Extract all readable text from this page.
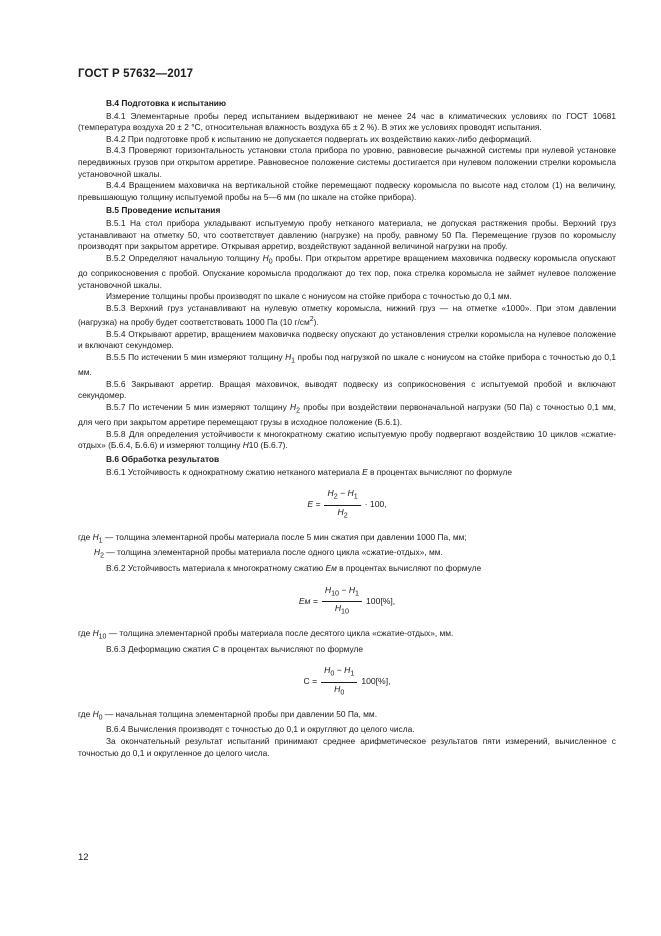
ГОСТ Р 57632—2017

В.4 Подготовка к испытанию

В.4.1 Элементарные пробы перед испытанием выдерживают не менее 24 час в климатических условиях по ГОСТ 10681 (температура воздуха 20 ± 2 °С, относительная влажность воздуха 65 ± 2 %). В этих же условиях проводят испытания.

В.4.2 При подготовке проб к испытанию не допускается подвергать их воздействию каких-либо деформаций.

В.4.3 Проверяют горизонтальность установки стола прибора по уровню, равновесие рычажной системы при нулевой установке передвижных грузов при открытом арретире. Равновесное положение системы достигается при нулевом положении стрелки коромысла установочной шкалы.

В.4.4 Вращением маховичка на вертикальной стойке перемещают подвеску коромысла по высоте над столом (1) на величину, превышающую толщину испытуемой пробы на 5—6 мм (по шкале на стойке прибора).

В.5 Проведение испытания

В.5.1 На стол прибора укладывают испытуемую пробу нетканого материала, не допуская растяжения пробы. Верхний груз устанавливают на отметку 50, что соответствует давлению (нагрузке) на пробу, равному 50 Па. Перемещение грузов по коромыслу производят при закрытом арретире. Открывая арретир, воздействуют заданной величиной нагрузки на пробу.

В.5.2 Определяют начальную толщину $H_0$ пробы. При открытом арретире вращением маховичка подвеску коромысла опускают до соприкосновения с пробой. Опускание коромысла продолжают до тех пор, пока стрелка коромысла не займет нулевое положение установочной шкалы.

Измерение толщины пробы производят по шкале с нониусом на стойке прибора с точностью до 0,1 мм.

В.5.3 Верхний груз устанавливают на нулевую отметку коромысла, нижний груз — на отметке «1000». При этом давлении (нагрузка) на пробу будет соответствовать 1000 Па (10 $г/см^2$).

В.5.4 Открывают арретир, вращением маховичка подвеску опускают до установления стрелки коромысла на нулевое положение и включают секундомер.

В.5.5 По истечении 5 мин измеряют толщину $H_1$ пробы под нагрузкой по шкале с нониусом на стойке прибора с точностью до 0,1 мм.

В.5.6 Закрывают арретир. Вращая маховичок, выводят подвеску из соприкосновения с испытуемой пробой и включают секундомер.

В.5.7 По истечении 5 мин измеряют толщину $H_2$ пробы при воздействии первоначальной нагрузки (50 Па) с точностью 0,1 мм, для чего при закрытом арретире перемещают грузы в исходное положение (Б.6.1).

В.5.8 Для определения устойчивости к многократному сжатию испытуемую пробу подвергают воздействию 10 циклов «сжатие-отдых» (Б.6.4, Б.6.6) и измеряют толщину H10 (Б.6.7).

В.6 Обработка результатов

В.6.1 Устойчивость к однократному сжатию нетканого материала E в процентах вычисляют по формуле

$E = \frac{H_2 - H_1}{H_2} \cdot 100$,

где $H_1$ — толщина элементарной пробы материала после 5 мин сжатия при давлении 1000 Па, мм;

$H_2$ — толщина элементарной пробы материала после одного цикла «сжатие-отдых», мм.

В.6.2 Устойчивость материала к многократному сжатию Ем в процентах вычисляют по формуле

Ем = $\frac{H_{10} - H_1}{H_{10}} 100[\%]$,

где $H_{10}$ — толщина элементарной пробы материала после десятого цикла «сжатие-отдых», мм.

В.6.3 Деформацию сжатия С в процентах вычисляют по формуле

$С = \frac{H_0 - H_1}{H_0} 100[\%]$,

где $H_0$ — начальная толщина элементарной пробы при давлении 50 Па, мм.

В.6.4 Вычисления производят с точностью до 0,1 и округляют до целого числа.

За окончательный результат испытаний принимают среднее арифметическое результатов пяти измерений, вычисленное с точностью до 0,1 и округленное до целого числа.

12
